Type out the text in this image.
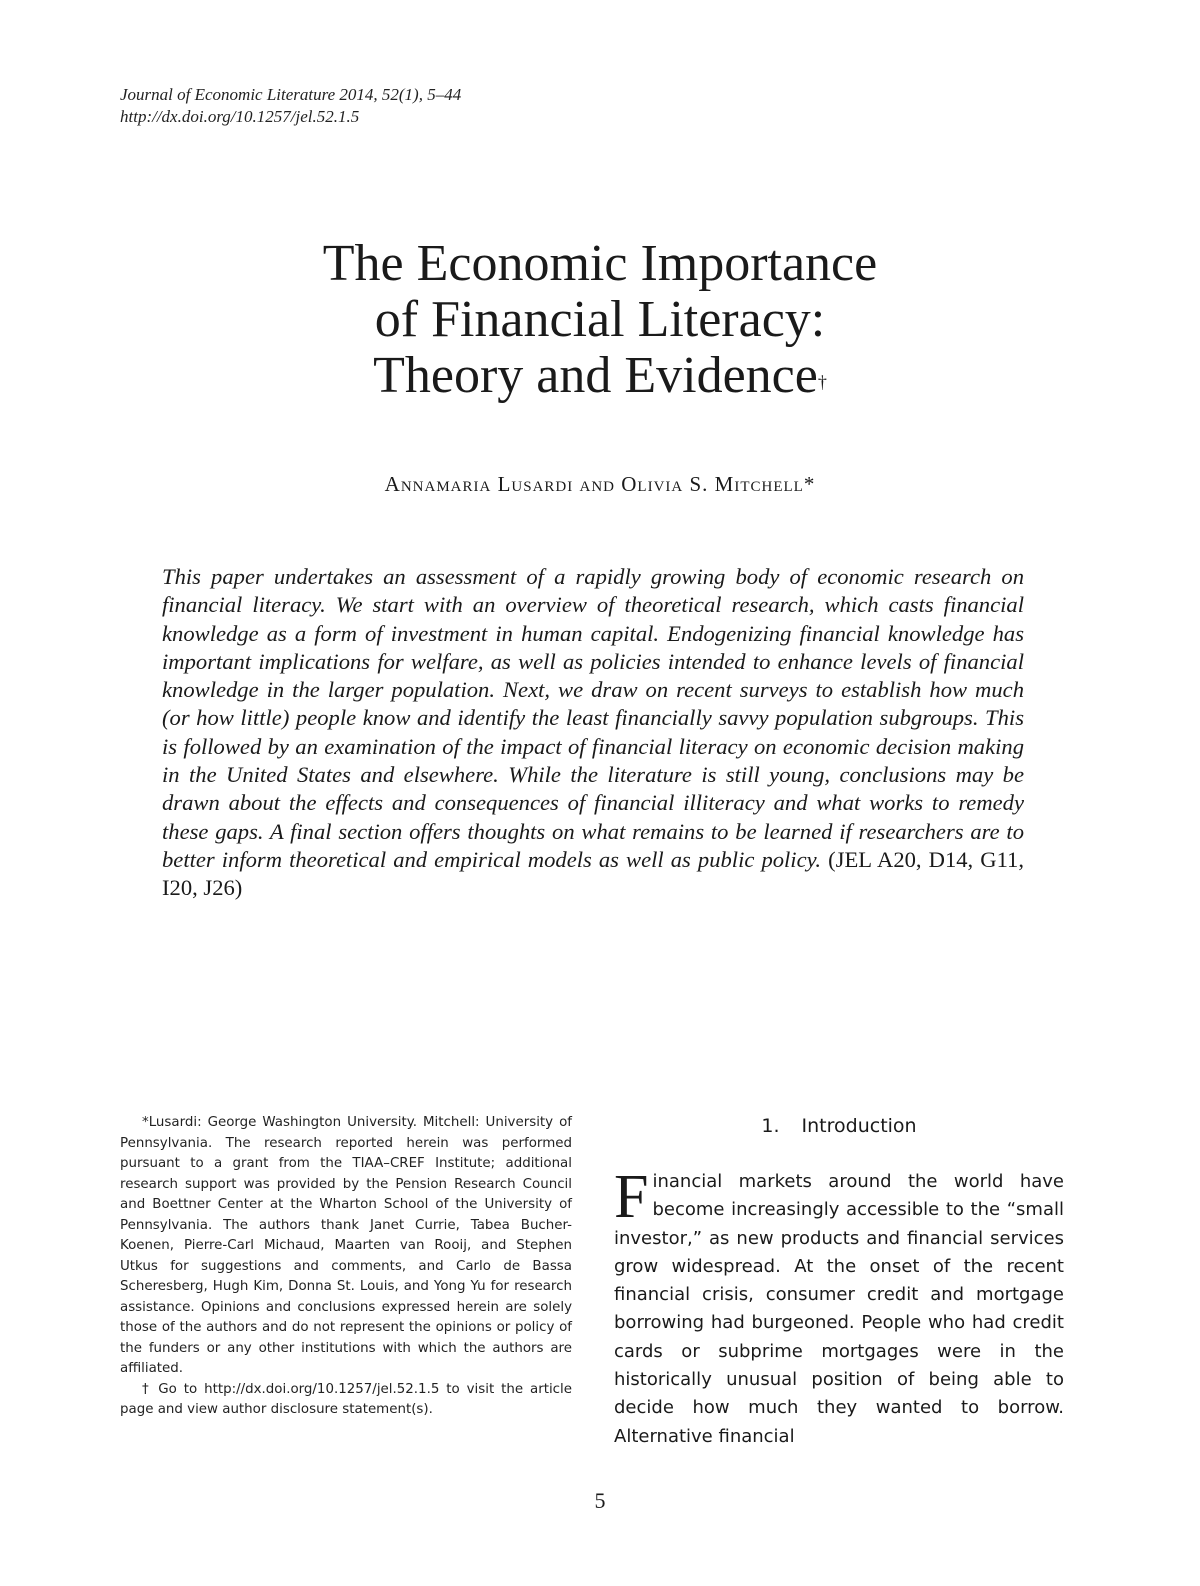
Journal of Economic Literature 2014, 52(1), 5–44
http://dx.doi.org/10.1257/jel.52.1.5
The Economic Importance
of Financial Literacy:
Theory and Evidence†
Annamaria Lusardi and Olivia S. Mitchell*
This paper undertakes an assessment of a rapidly growing body of economic research on financial literacy. We start with an overview of theoretical research, which casts financial knowledge as a form of investment in human capital. Endogenizing financial knowledge has important implications for welfare, as well as policies intended to enhance levels of financial knowledge in the larger population. Next, we draw on recent surveys to establish how much (or how little) people know and identify the least financially savvy population subgroups. This is followed by an examination of the impact of financial literacy on economic decision making in the United States and elsewhere. While the literature is still young, conclusions may be drawn about the effects and consequences of financial illiteracy and what works to remedy these gaps. A final section offers thoughts on what remains to be learned if researchers are to better inform theoretical and empirical models as well as public policy. (JEL A20, D14, G11, I20, J26)

*Lusardi: George Washington University. Mitchell: University of Pennsylvania. The research reported herein was performed pursuant to a grant from the TIAA–CREF Institute; additional research support was provided by the Pension Research Council and Boettner Center at the Wharton School of the University of Pennsylvania. The authors thank Janet Currie, Tabea Bucher-Koenen, Pierre-Carl Michaud, Maarten van Rooij, and Stephen Utkus for suggestions and comments, and Carlo de Bassa Scheresberg, Hugh Kim, Donna St. Louis, and Yong Yu for research assistance. Opinions and conclusions expressed herein are solely those of the authors and do not represent the opinions or policy of the funders or any other institutions with which the authors are affiliated.

† Go to http://dx.doi.org/10.1257/jel.52.1.5 to visit the article page and view author disclosure statement(s).

1. Introduction
Financial markets around the world have become increasingly accessible to the “small investor,” as new products and financial services grow widespread. At the onset of the recent financial crisis, consumer credit and mortgage borrowing had burgeoned. People who had credit cards or subprime mortgages were in the historically unusual position of being able to decide how much they wanted to borrow. Alternative financial
5
